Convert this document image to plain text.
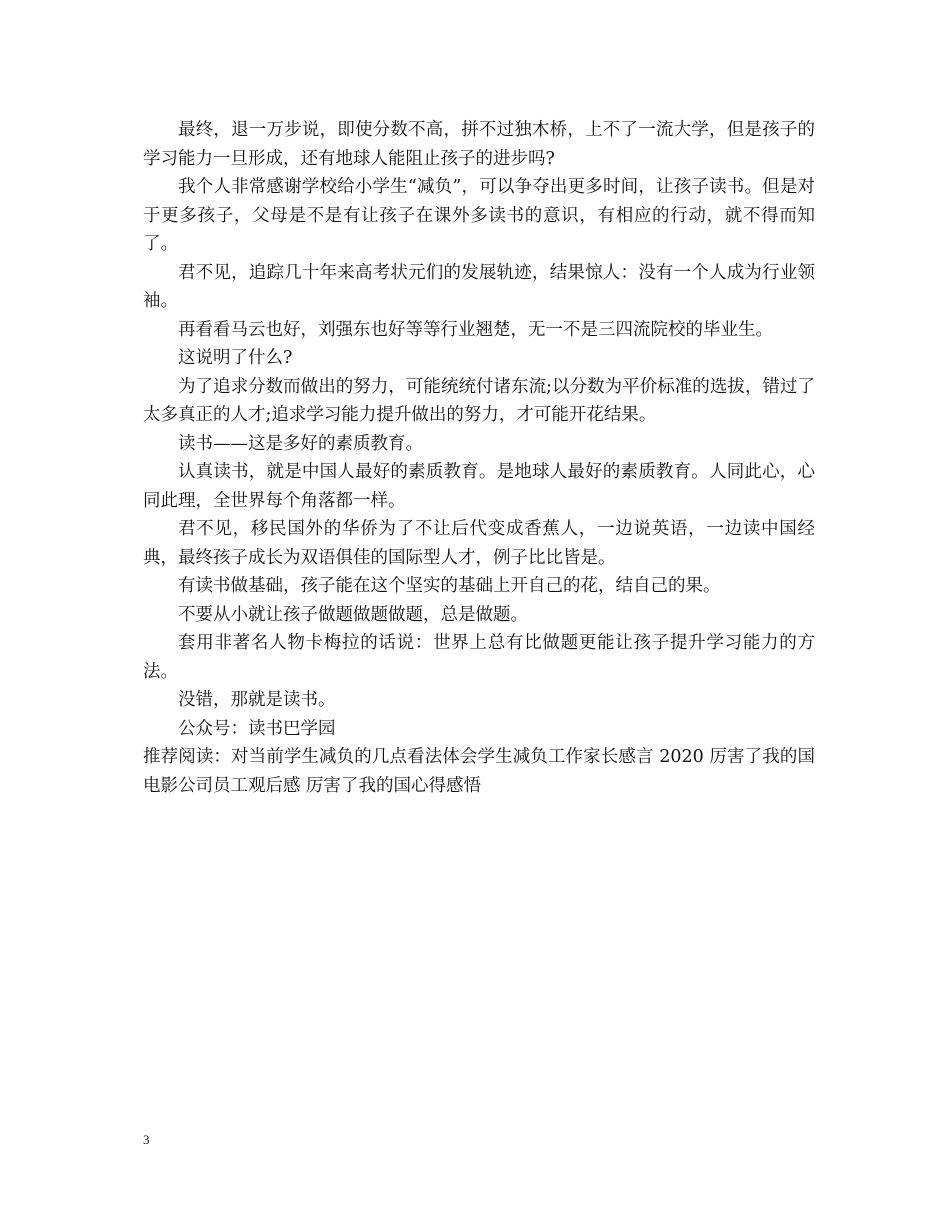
最终，退一万步说，即使分数不高，拼不过独木桥，上不了一流大学，但是孩子的学习能力一旦形成，还有地球人能阻止孩子的进步吗?

我个人非常感谢学校给小学生“减负”，可以争夺出更多时间，让孩子读书。但是对于更多孩子，父母是不是有让孩子在课外多读书的意识，有相应的行动，就不得而知了。

君不见，追踪几十年来高考状元们的发展轨迹，结果惊人：没有一个人成为行业领袖。

再看看马云也好，刘强东也好等等行业翘楚，无一不是三四流院校的毕业生。

这说明了什么?

为了追求分数而做出的努力，可能统统付诸东流;以分数为平价标准的选拔，错过了太多真正的人才;追求学习能力提升做出的努力，才可能开花结果。

读书——这是多好的素质教育。

认真读书，就是中国人最好的素质教育。是地球人最好的素质教育。人同此心，心同此理，全世界每个角落都一样。

君不见，移民国外的华侨为了不让后代变成香蕉人，一边说英语，一边读中国经典，最终孩子成长为双语俱佳的国际型人才，例子比比皆是。

有读书做基础，孩子能在这个坚实的基础上开自己的花，结自己的果。

不要从小就让孩子做题做题做题，总是做题。

套用非著名人物卡梅拉的话说：世界上总有比做题更能让孩子提升学习能力的方法。

没错，那就是读书。

公众号：读书巴学园

推荐阅读：对当前学生减负的几点看法体会学生减负工作家长感言 2020 厉害了我的国电影公司员工观后感 厉害了我的国心得感悟

3
